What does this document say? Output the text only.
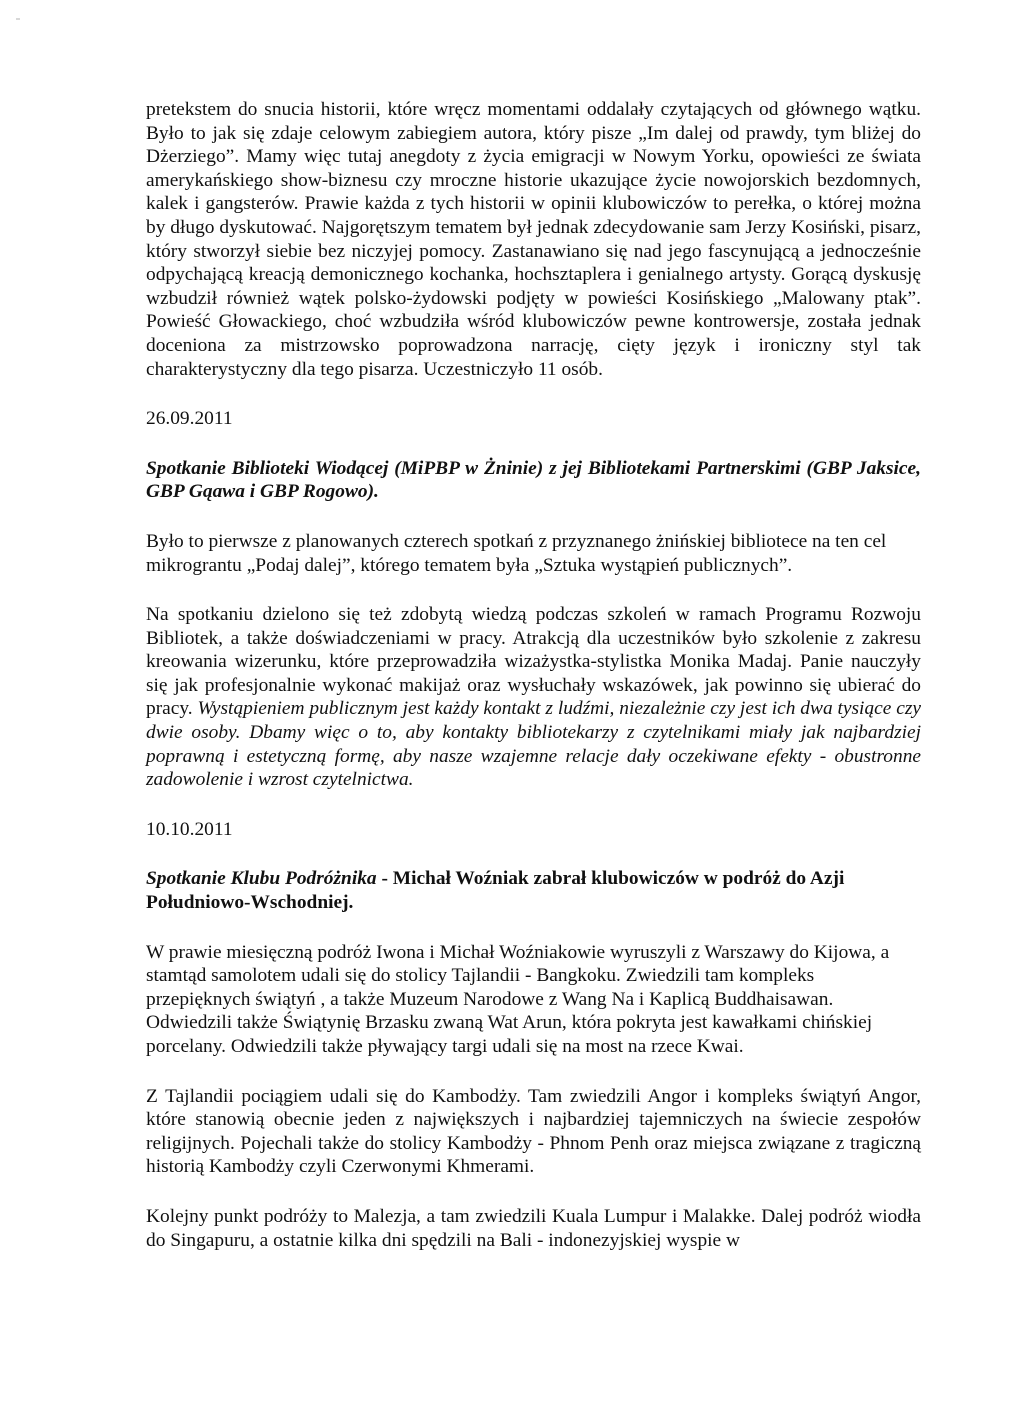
pretekstem do snucia historii, które wręcz momentami oddalały czytających od głównego wątku. Było to jak się zdaje celowym zabiegiem autora, który pisze „Im dalej od prawdy, tym bliżej do Dżerziego”. Mamy więc tutaj anegdoty z życia emigracji w Nowym Yorku, opowieści ze świata amerykańskiego show-biznesu czy mroczne historie ukazujące życie nowojorskich bezdomnych, kalek i gangsterów. Prawie każda z tych historii w opinii klubowiczów to perełka, o której można by długo dyskutować. Najgorętszym tematem był jednak zdecydowanie sam Jerzy Kosiński, pisarz, który stworzył siebie bez niczyjej pomocy. Zastanawiano się nad jego fascynującą a jednocześnie odpychającą kreacją demonicznego kochanka, hochsztaplera i genialnego artysty. Gorącą dyskusję wzbudził również wątek polsko-żydowski podjęty w powieści Kosińskiego „Malowany ptak”. Powieść Głowackiego, choć wzbudziła wśród klubowiczów pewne kontrowersje, została jednak doceniona za mistrzowsko poprowadzona narrację, cięty język i ironiczny styl tak charakterystyczny dla tego pisarza. Uczestniczyło 11 osób.

26.09.2011

Spotkanie Biblioteki Wiodącej (MiPBP w Żninie) z jej Bibliotekami Partnerskimi (GBP Jaksice, GBP Gąawa i GBP Rogowo).

Było to pierwsze z planowanych czterech spotkań z przyznanego żnińskiej bibliotece na ten cel mikrograntu „Podaj dalej”, którego tematem była „Sztuka wystąpień publicznych”.

Na spotkaniu dzielono się też zdobytą wiedzą podczas szkoleń w ramach Programu Rozwoju Bibliotek, a także doświadczeniami w pracy. Atrakcją dla uczestników było szkolenie z zakresu kreowania wizerunku, które przeprowadziła wizażystka-stylistka Monika Madaj. Panie nauczyły się jak profesjonalnie wykonać makijaż oraz wysłuchały wskazówek, jak powinno się ubierać do pracy. Wystąpieniem publicznym jest każdy kontakt z ludźmi, niezależnie czy jest ich dwa tysiące czy dwie osoby. Dbamy więc o to, aby kontakty bibliotekarzy z czytelnikami miały jak najbardziej poprawną i estetyczną formę, aby nasze wzajemne relacje dały oczekiwane efekty - obustronne zadowolenie i wzrost czytelnictwa.

10.10.2011

Spotkanie Klubu Podróżnika - Michał Woźniak zabrał klubowiczów w podróż do Azji Południowo-Wschodniej.

W prawie miesięczną podróż Iwona i Michał Woźniakowie wyruszyli z Warszawy do Kijowa, a stamtąd samolotem udali się do stolicy Tajlandii - Bangkoku. Zwiedzili tam kompleks przepięknych świątyń , a także Muzeum Narodowe z Wang Na i Kaplicą Buddhaisawan. Odwiedzili także Świątynię Brzasku zwaną Wat Arun, która pokryta jest kawałkami chińskiej porcelany. Odwiedzili także pływający targi udali się na most na rzece Kwai.

Z Tajlandii pociągiem udali się do Kambodży. Tam zwiedzili Angor i kompleks świątyń Angor, które stanowią obecnie jeden z największych i najbardziej tajemniczych na świecie zespołów religijnych. Pojechali także do stolicy Kambodży - Phnom Penh oraz miejsca związane z tragiczną historią Kambodży czyli Czerwonymi Khmerami.

Kolejny punkt podróży to Malezja, a tam zwiedzili Kuala Lumpur i Malakke. Dalej podróż wiodła do Singapuru, a ostatnie kilka dni spędzili na Bali - indonezyjskiej wyspie w
